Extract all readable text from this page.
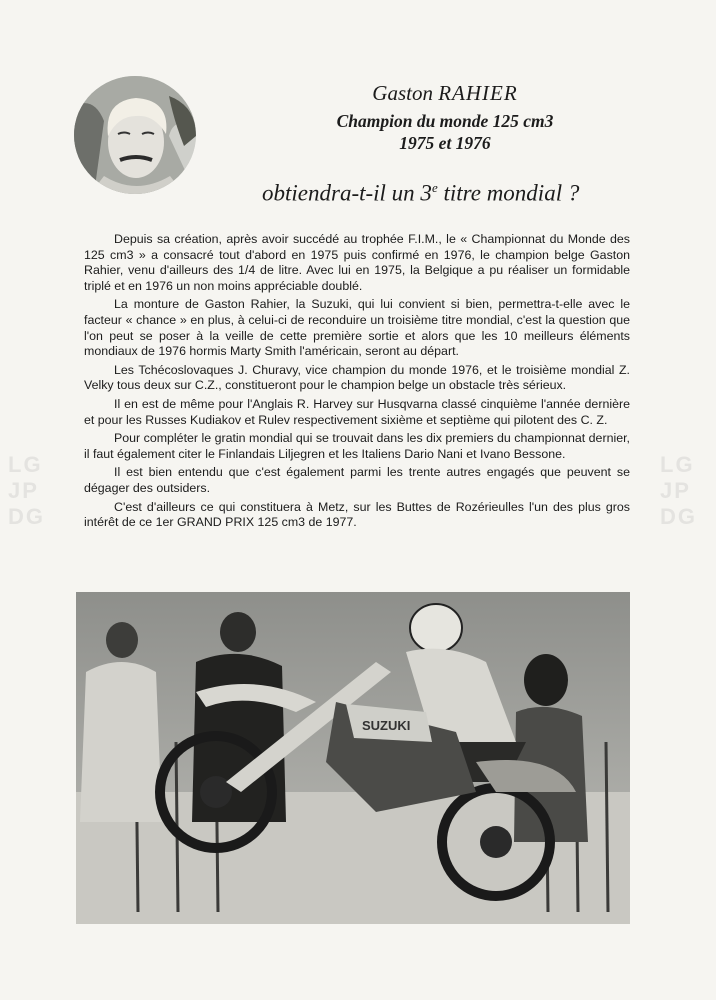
Gaston RAHIER
Champion du monde 125 cm3
1975 et 1976
obtiendra-t-il un 3e titre mondial ?
LG
JP
DG
LG
JP
DG

Depuis sa création, après avoir succédé au trophée F.I.M., le « Championnat du Monde des 125 cm3 » a consacré tout d'abord en 1975 puis confirmé en 1976, le champion belge Gaston Rahier, venu d'ailleurs des 1/4 de litre. Avec lui en 1975, la Belgique a pu réaliser un formidable triplé et en 1976 un non moins appréciable doublé.

La monture de Gaston Rahier, la Suzuki, qui lui convient si bien, permettra-t-elle avec le facteur « chance » en plus, à celui-ci de reconduire un troisième titre mondial, c'est la question que l'on peut se poser à la veille de cette première sortie et alors que les 10 meilleurs éléments mondiaux de 1976 hormis Marty Smith l'américain, seront au départ.

Les Tchécoslovaques J. Churavy, vice champion du monde 1976, et le troisième mondial Z. Velky tous deux sur C.Z., constitueront pour le champion belge un obstacle très sérieux.

Il en est de même pour l'Anglais R. Harvey sur Husqvarna classé cinquième l'année dernière et pour les Russes Kudiakov et Rulev respectivement sixième et septième qui pilotent des C. Z.

Pour compléter le gratin mondial qui se trouvait dans les dix premiers du championnat dernier, il faut également citer le Finlandais Liljegren et les Italiens Dario Nani et Ivano Bessone.

Il est bien entendu que c'est également parmi les trente autres engagés que peuvent se dégager des outsiders.

C'est d'ailleurs ce qui constituera à Metz, sur les Buttes de Rozérieulles l'un des plus gros intérêt de ce 1er GRAND PRIX 125 cm3 de 1977.

SUZUKI
